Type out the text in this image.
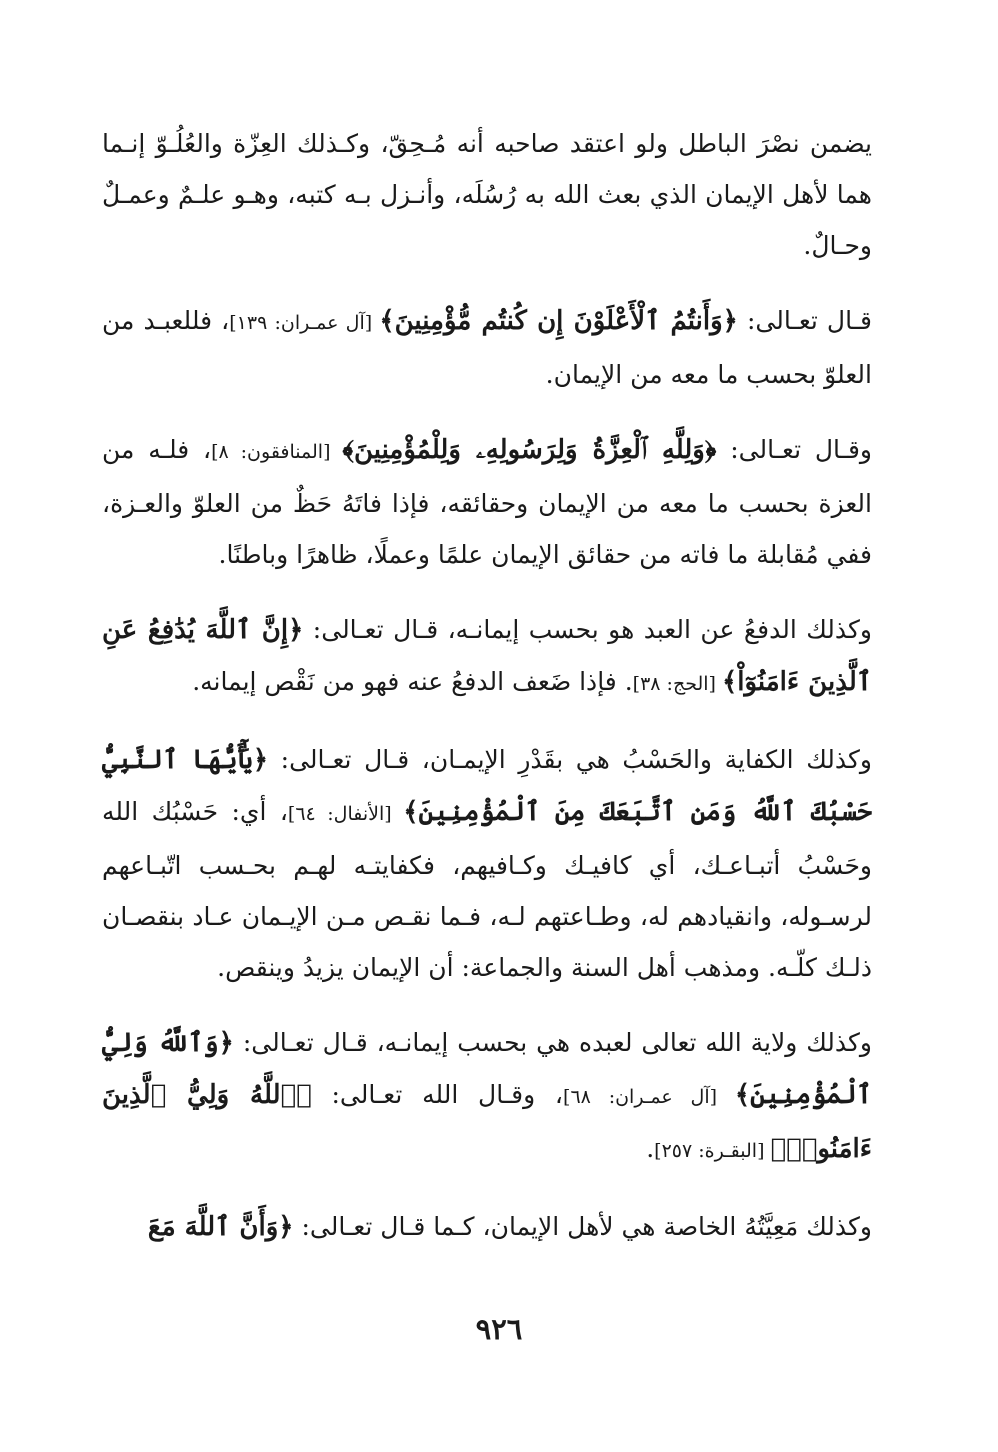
يضمن نصْرَ الباطل ولو اعتقد صاحبه أنه مُـحِقّ، وكـذلك العِزّة والعُلُـوّ إنـما هما لأهل الإيمان الذي بعث الله به رُسُلَه، وأنـزل بـه كتبه، وهـو علـمٌ وعمـلٌ وحـالٌ.

قـال تعـالى: ﴿وَأَنتُمُ ٱلْأَعْلَوْنَ إِن كُنتُم مُّؤْمِنِينَ﴾ [آل عمـران: ١٣٩]، فللعبـد من العلوّ بحسب ما معه من الإيمان.

وقـال تعـالى: ﴿وَلِلَّهِ ٱلْعِزَّةُ وَلِرَسُولِهِۦ وَلِلْمُؤْمِنِينَ﴾ [المنافقون: ٨]، فلـه من العزة بحسب ما معه من الإيمان وحقائقه، فإذا فاتَهُ حَظٌ من العلوّ والعـزة، ففي مُقابلة ما فاته من حقائق الإيمان علمًا وعملًا، ظاهرًا وباطنًا.

وكذلك الدفعُ عن العبد هو بحسب إيمانـه، قـال تعـالى: ﴿إِنَّ ٱللَّهَ يُدَٰفِعُ عَنِ ٱلَّذِينَ ءَامَنُوٓاْ﴾ [الحج: ٣٨]. فإذا ضَعف الدفعُ عنه فهو من نَقْص إيمانه.

وكذلك الكفاية والحَسْبُ هي بقَدْرِ الإيمـان، قـال تعـالى: ﴿يَٰٓأَيُّهَا ٱلنَّبِيُّ حَسْبُكَ ٱللَّهُ وَمَنِ ٱتَّبَعَكَ مِنَ ٱلْمُؤْمِنِينَ﴾ [الأنفال: ٦٤]، أي: حَسْبُك الله وحَسْبُ أتبـاعـك، أي كافيـك وكـافيهم، فكفايتـه لهـم بحـسب اتّبـاعهم لرسـوله، وانقيادهم له، وطـاعتهم لـه، فـما نقـص مـن الإيـمان عـاد بنقصـان ذلـك كلّـه. ومذهب أهل السنة والجماعة: أن الإيمان يزيدُ وينقص.

وكذلك ولاية الله تعالى لعبده هي بحسب إيمانـه، قـال تعـالى: ﴿وَٱللَّهُ وَلِيُّ ٱلْمُؤْمِنِينَ﴾ [آل عمـران: ٦٨]، وقـال الله تعـالى: ﴿ٱللَّهُ وَلِيُّ ٱلَّذِينَ ءَامَنُوا۟﴾ [البقـرة: ٢٥٧].

وكذلك مَعِيَّتُهُ الخاصة هي لأهل الإيمان، كـما قـال تعـالى: ﴿وَأَنَّ ٱللَّهَ مَعَ

٩٢٦
